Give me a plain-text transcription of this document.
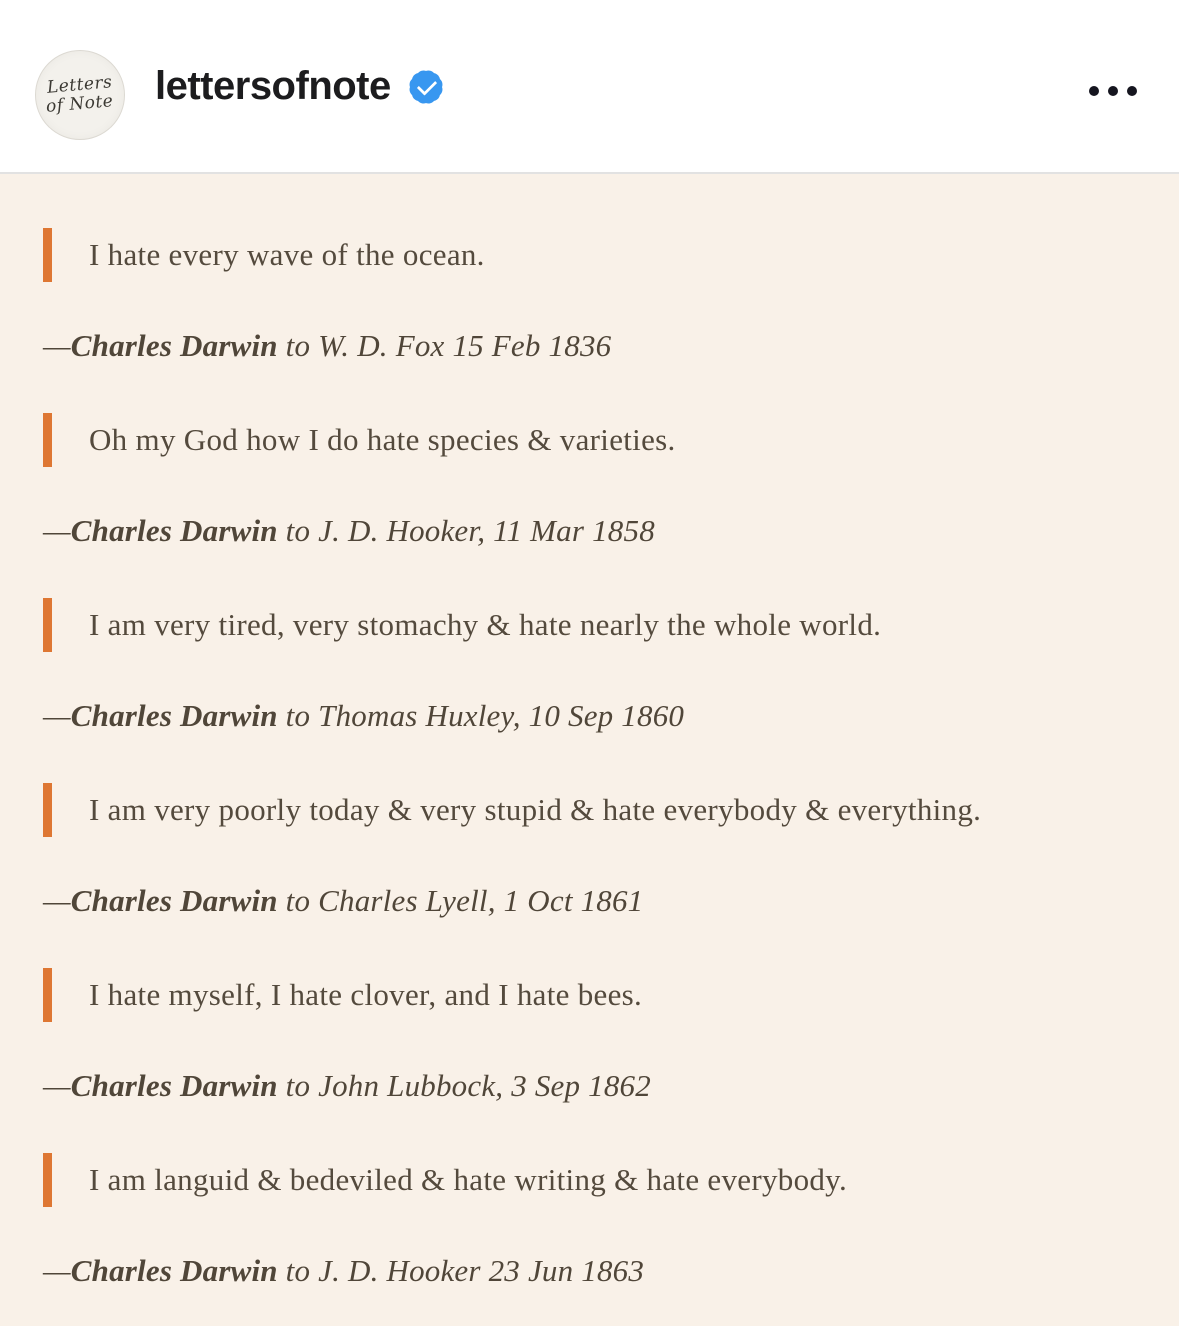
Letters
of Note lettersofnote
I hate every wave of the ocean.

—Charles Darwin to W. D. Fox 15 Feb 1836

Oh my God how I do hate species & varieties.

—Charles Darwin to J. D. Hooker, 11 Mar 1858

I am very tired, very stomachy & hate nearly the whole world.

—Charles Darwin to Thomas Huxley, 10 Sep 1860

I am very poorly today & very stupid & hate everybody & everything.

—Charles Darwin to Charles Lyell, 1 Oct 1861

I hate myself, I hate clover, and I hate bees.

—Charles Darwin to John Lubbock, 3 Sep 1862

I am languid & bedeviled & hate writing & hate everybody.

—Charles Darwin to J. D. Hooker 23 Jun 1863
